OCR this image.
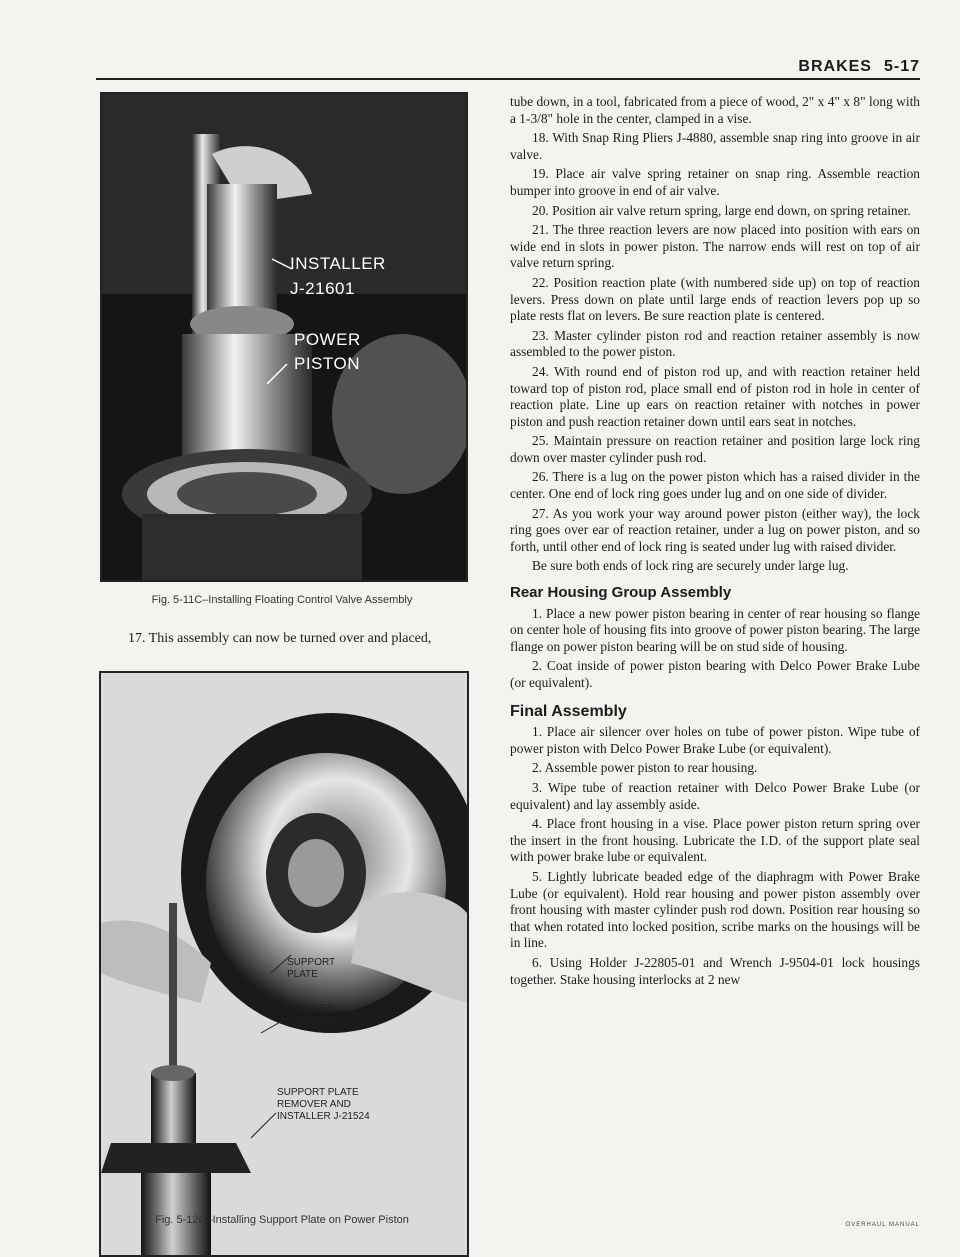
BRAKES 5-17
INSTALLER
J-21601
POWER
PISTON
Fig. 5-11C–Installing Floating Control Valve Assembly

17. This assembly can now be turned over and placed,

SUPPORT
PLATE
POWER
PISTON
SUPPORT PLATE
REMOVER AND
INSTALLER J-21524
Fig. 5-12C–Installing Support Plate on Power Piston

tube down, in a tool, fabricated from a piece of wood, 2" x 4" x 8" long with a 1-3/8" hole in the center, clamped in a vise.

18. With Snap Ring Pliers J-4880, assemble snap ring into groove in air valve.

19. Place air valve spring retainer on snap ring. Assemble reaction bumper into groove in end of air valve.

20. Position air valve return spring, large end down, on spring retainer.

21. The three reaction levers are now placed into position with ears on wide end in slots in power piston. The narrow ends will rest on top of air valve return spring.

22. Position reaction plate (with numbered side up) on top of reaction levers. Press down on plate until large ends of reaction levers pop up so plate rests flat on levers. Be sure reaction plate is centered.

23. Master cylinder piston rod and reaction retainer assembly is now assembled to the power piston.

24. With round end of piston rod up, and with reaction retainer held toward top of piston rod, place small end of piston rod in hole in center of reaction plate. Line up ears on reaction retainer with notches in power piston and push reaction retainer down until ears seat in notches.

25. Maintain pressure on reaction retainer and position large lock ring down over master cylinder push rod.

26. There is a lug on the power piston which has a raised divider in the center. One end of lock ring goes under lug and on one side of divider.

27. As you work your way around power piston (either way), the lock ring goes over ear of reaction retainer, under a lug on power piston, and so forth, until other end of lock ring is seated under lug with raised divider.

Be sure both ends of lock ring are securely under large lug.

Rear Housing Group Assembly

1. Place a new power piston bearing in center of rear housing so flange on center hole of housing fits into groove of power piston bearing. The large flange on power piston bearing will be on stud side of housing.

2. Coat inside of power piston bearing with Delco Power Brake Lube (or equivalent).

Final Assembly

1. Place air silencer over holes on tube of power piston. Wipe tube of power piston with Delco Power Brake Lube (or equivalent).

2. Assemble power piston to rear housing.

3. Wipe tube of reaction retainer with Delco Power Brake Lube (or equivalent) and lay assembly aside.

4. Place front housing in a vise. Place power piston return spring over the insert in the front housing. Lubricate the I.D. of the support plate seal with power brake lube or equivalent.

5. Lightly lubricate beaded edge of the diaphragm with Power Brake Lube (or equivalent). Hold rear housing and power piston assembly over front housing with master cylinder push rod down. Position rear housing so that when rotated into locked position, scribe marks on the housings will be in line.

6. Using Holder J-22805-01 and Wrench J-9504-01 lock housings together. Stake housing interlocks at 2 new

OVERHAUL MANUAL
